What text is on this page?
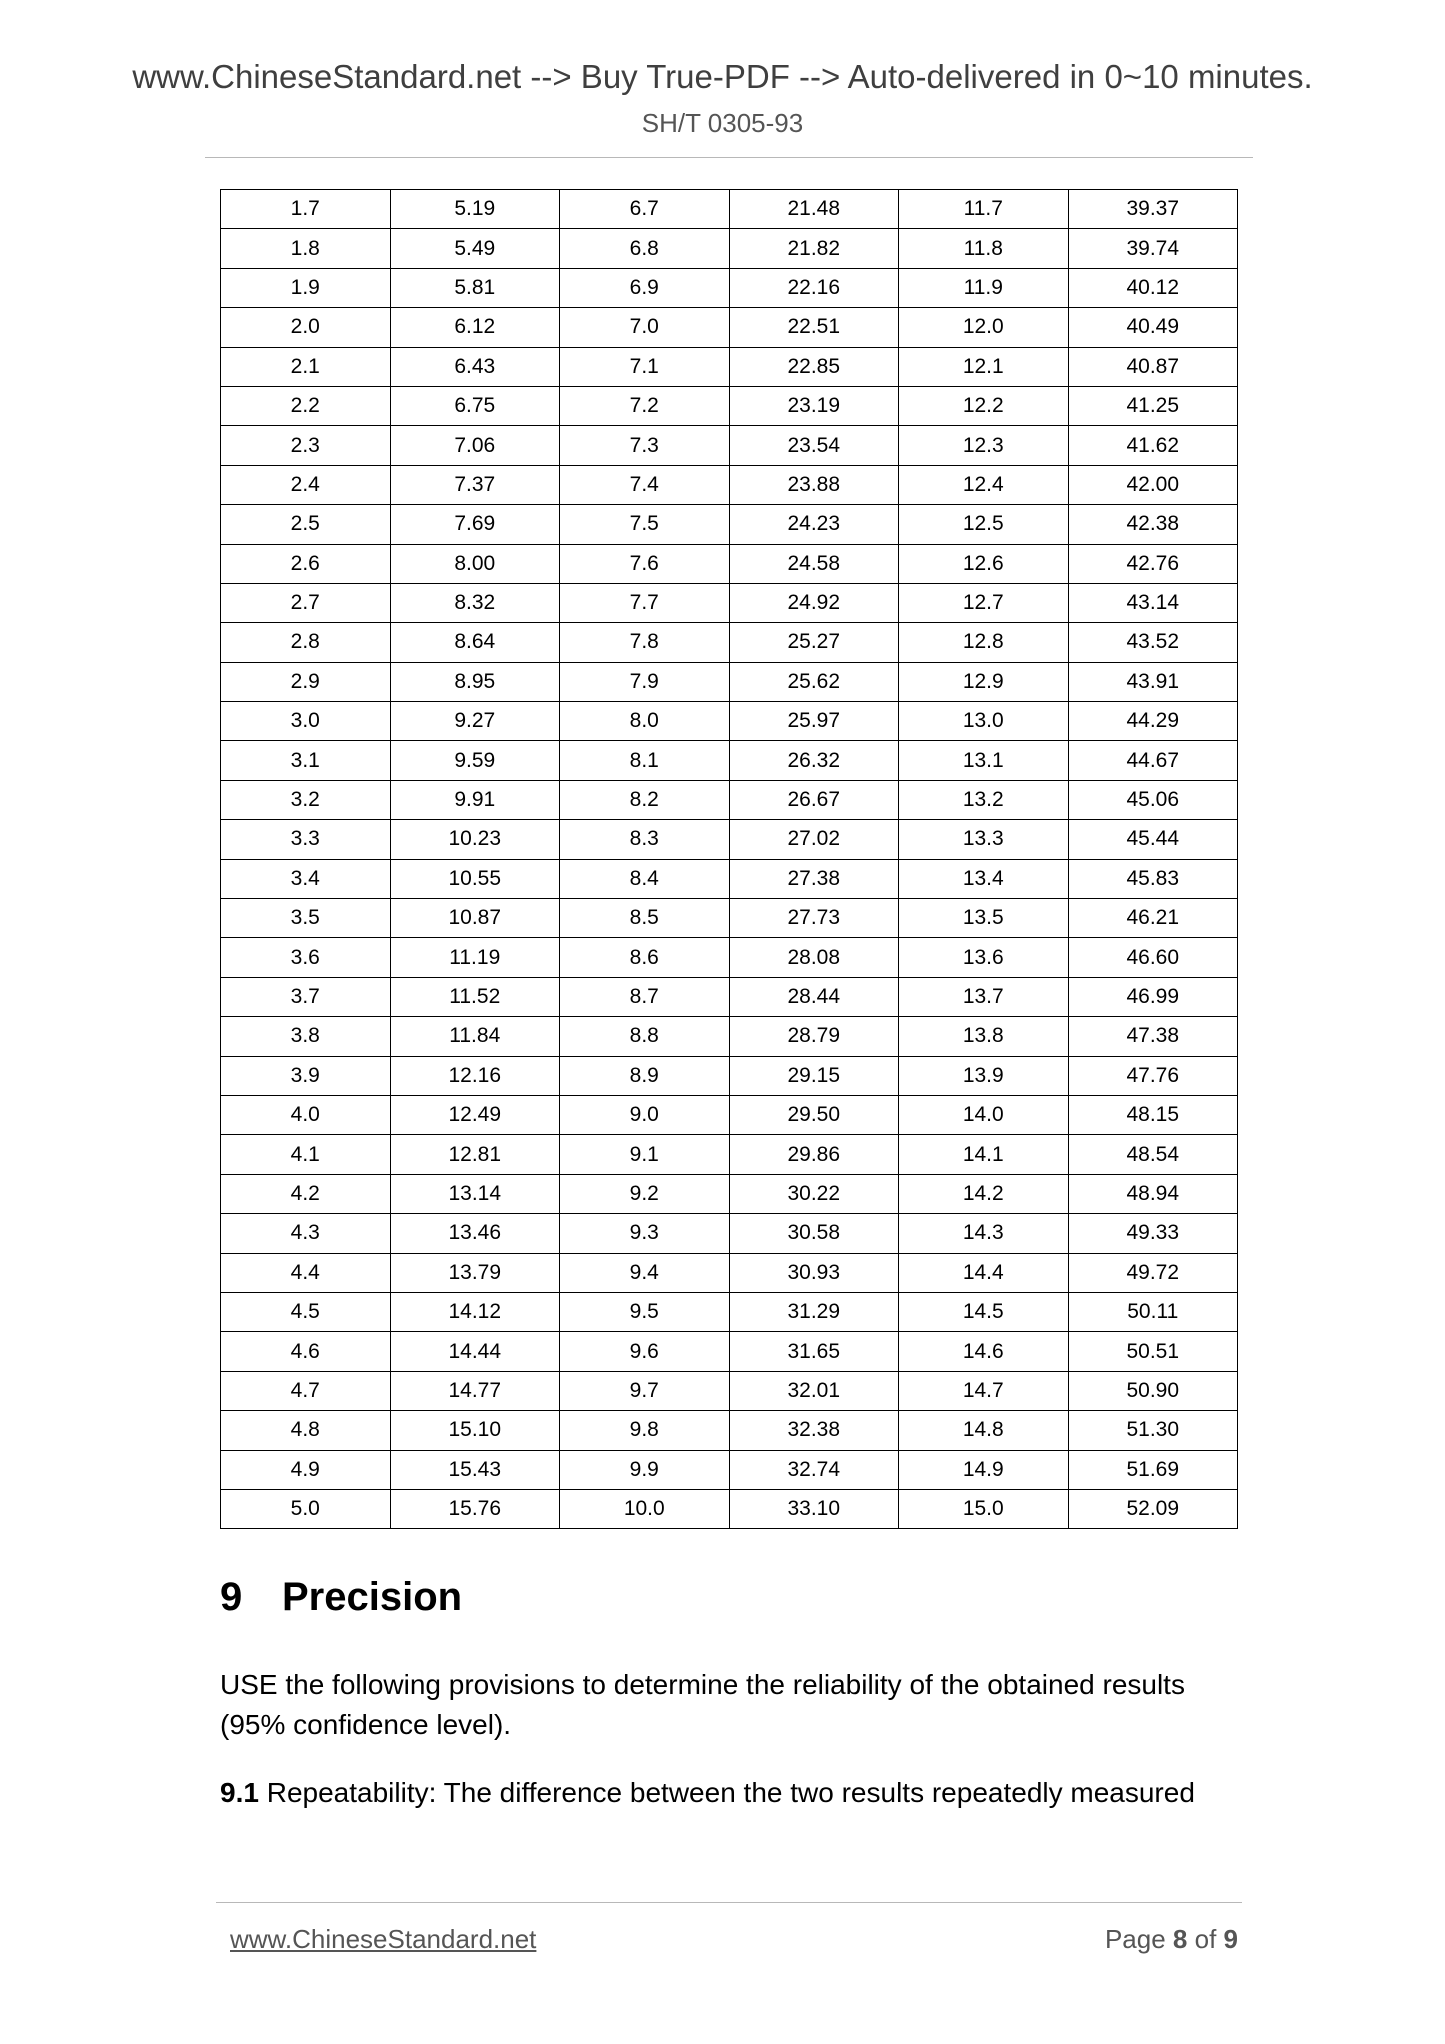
www.ChineseStandard.net --> Buy True-PDF --> Auto-delivered in 0~10 minutes.
SH/T 0305-93
1.7	5.19	6.7	21.48	11.7	39.37
1.8	5.49	6.8	21.82	11.8	39.74
1.9	5.81	6.9	22.16	11.9	40.12
2.0	6.12	7.0	22.51	12.0	40.49
2.1	6.43	7.1	22.85	12.1	40.87
2.2	6.75	7.2	23.19	12.2	41.25
2.3	7.06	7.3	23.54	12.3	41.62
2.4	7.37	7.4	23.88	12.4	42.00
2.5	7.69	7.5	24.23	12.5	42.38
2.6	8.00	7.6	24.58	12.6	42.76
2.7	8.32	7.7	24.92	12.7	43.14
2.8	8.64	7.8	25.27	12.8	43.52
2.9	8.95	7.9	25.62	12.9	43.91
3.0	9.27	8.0	25.97	13.0	44.29
3.1	9.59	8.1	26.32	13.1	44.67
3.2	9.91	8.2	26.67	13.2	45.06
3.3	10.23	8.3	27.02	13.3	45.44
3.4	10.55	8.4	27.38	13.4	45.83
3.5	10.87	8.5	27.73	13.5	46.21
3.6	11.19	8.6	28.08	13.6	46.60
3.7	11.52	8.7	28.44	13.7	46.99
3.8	11.84	8.8	28.79	13.8	47.38
3.9	12.16	8.9	29.15	13.9	47.76
4.0	12.49	9.0	29.50	14.0	48.15
4.1	12.81	9.1	29.86	14.1	48.54
4.2	13.14	9.2	30.22	14.2	48.94
4.3	13.46	9.3	30.58	14.3	49.33
4.4	13.79	9.4	30.93	14.4	49.72
4.5	14.12	9.5	31.29	14.5	50.11
4.6	14.44	9.6	31.65	14.6	50.51
4.7	14.77	9.7	32.01	14.7	50.90
4.8	15.10	9.8	32.38	14.8	51.30
4.9	15.43	9.9	32.74	14.9	51.69
5.0	15.76	10.0	33.10	15.0	52.09
9 Precision
USE the following provisions to determine the reliability of the obtained results (95% confidence level).
9.1 Repeatability: The difference between the two results repeatedly measured
www.ChineseStandard.net	Page 8 of 9
